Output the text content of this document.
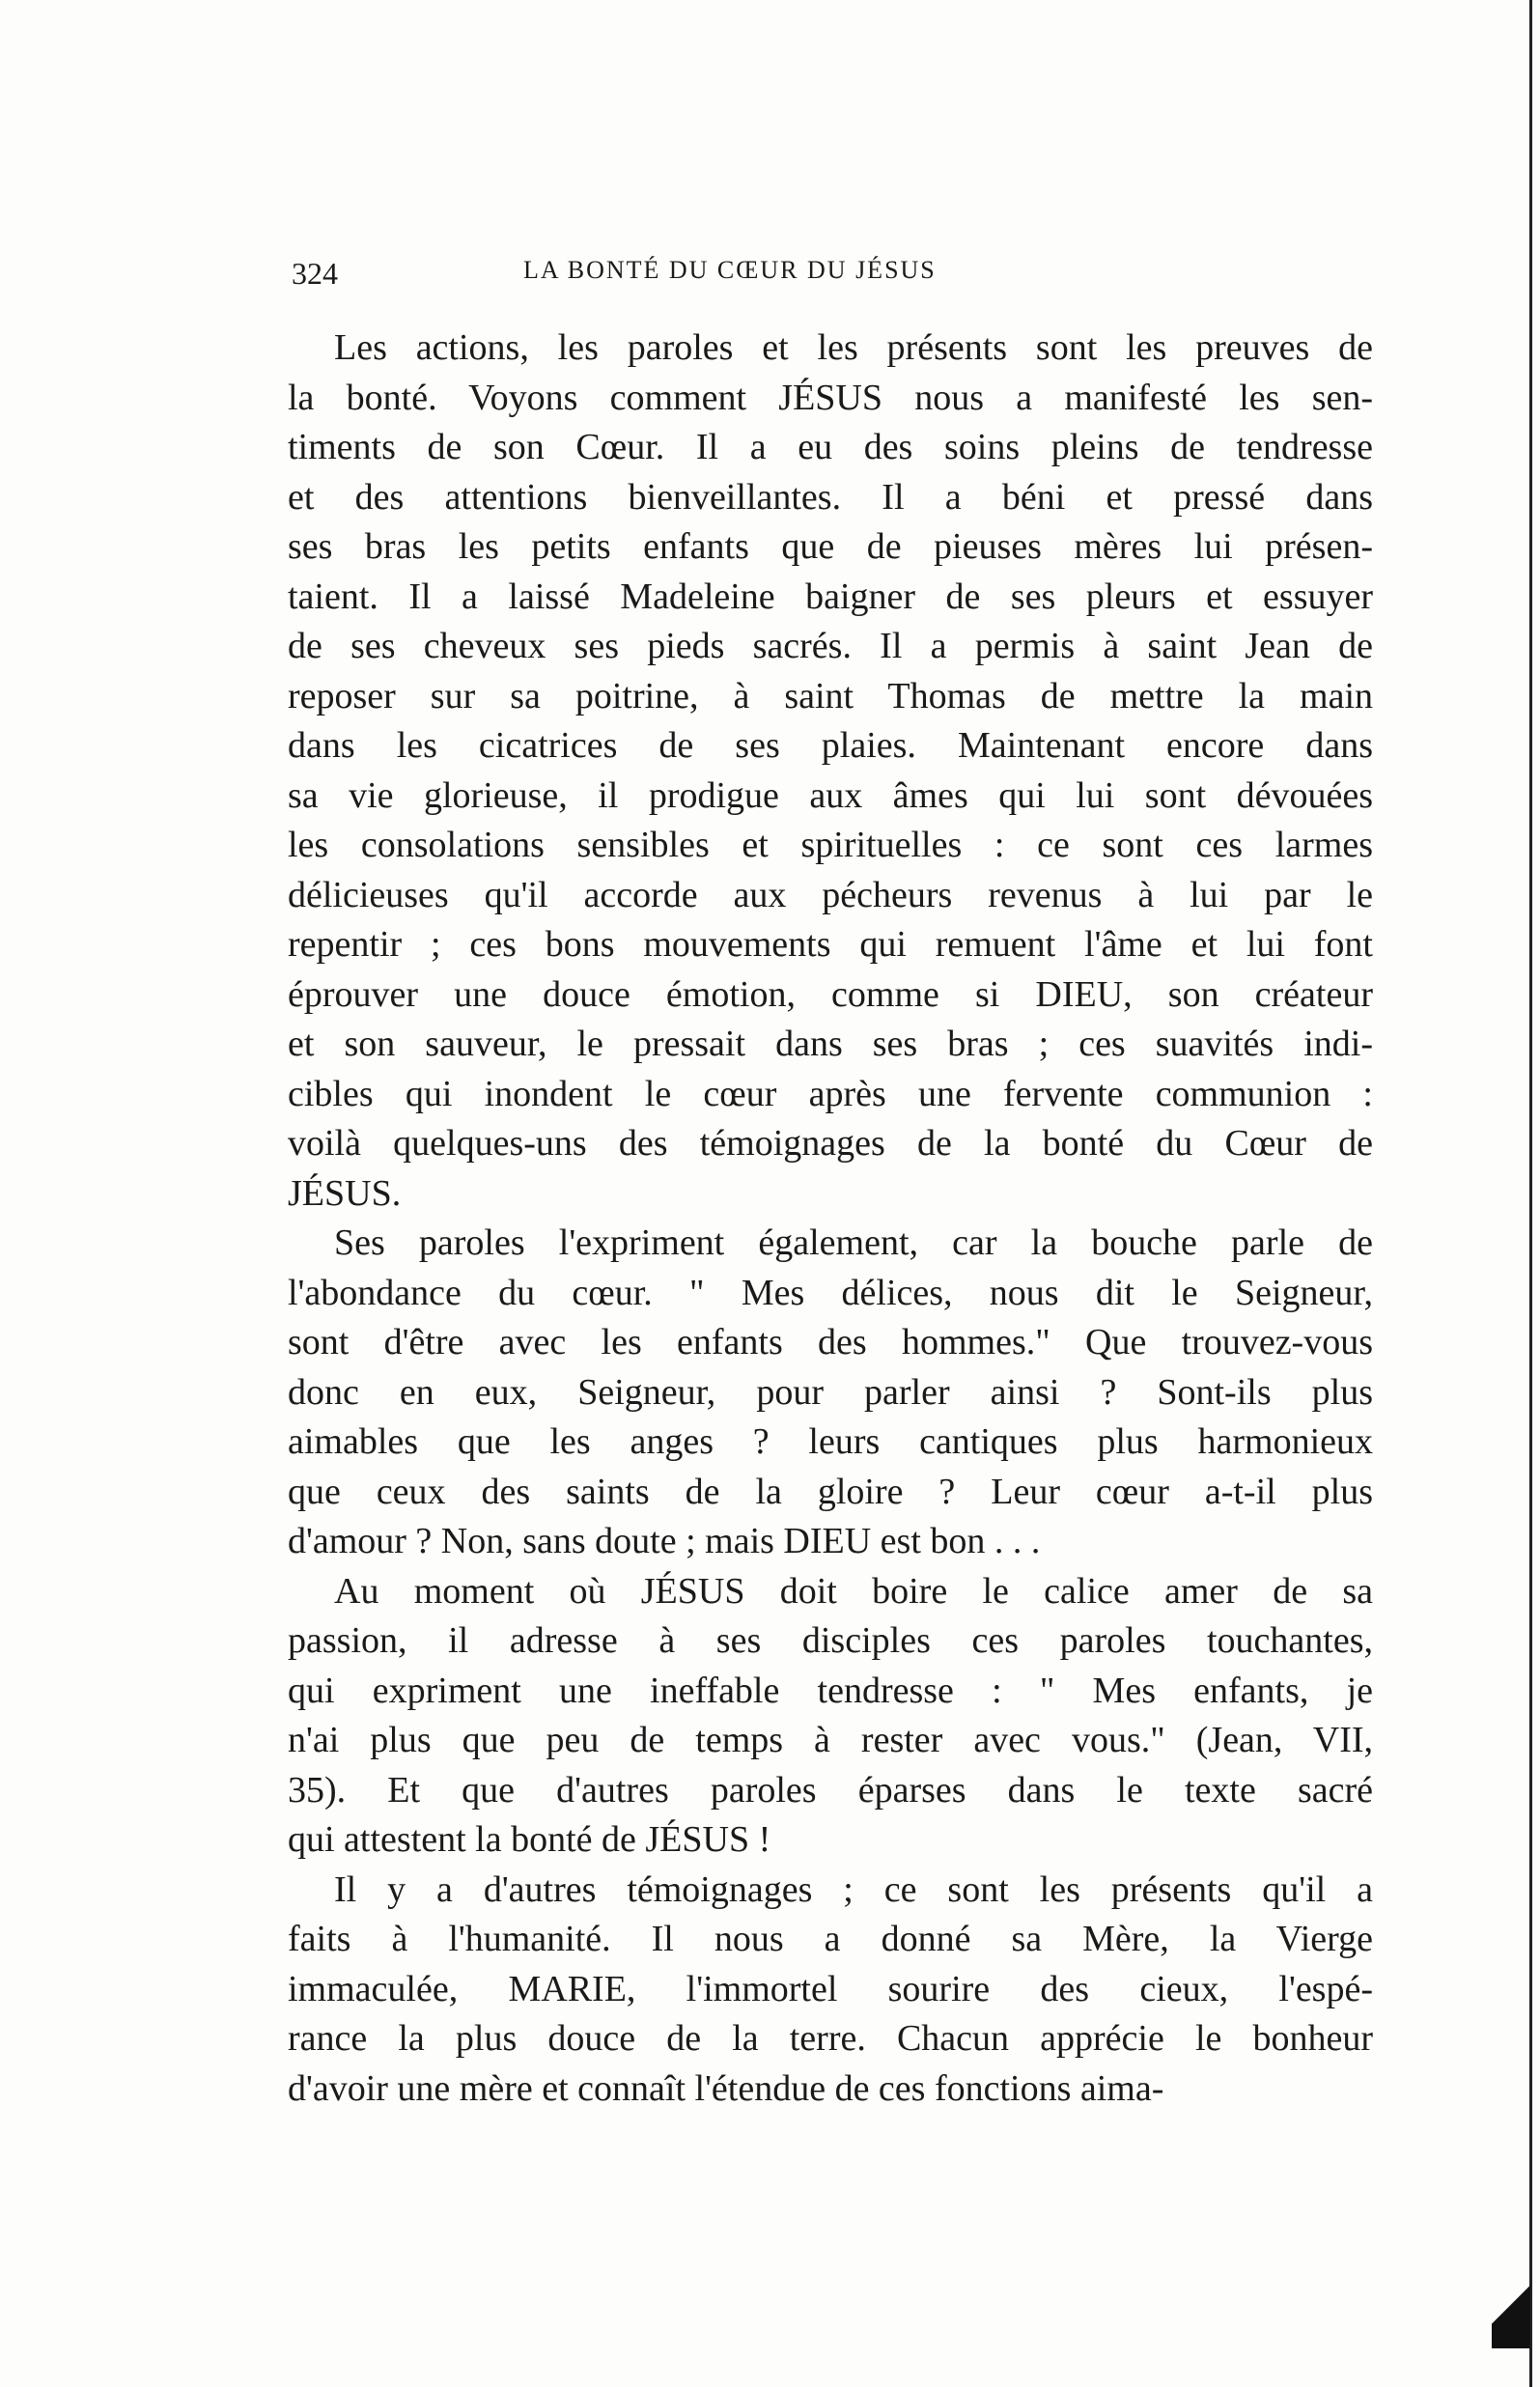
324	LA BONTÉ DU CŒUR DU JÉSUS
Les actions, les paroles et les présents sont les preuves de
la bonté. Voyons comment JÉSUS nous a manifesté les sen-
timents de son Cœur. Il a eu des soins pleins de tendresse
et des attentions bienveillantes. Il a béni et pressé dans
ses bras les petits enfants que de pieuses mères lui présen-
taient. Il a laissé Madeleine baigner de ses pleurs et essuyer
de ses cheveux ses pieds sacrés. Il a permis à saint Jean de
reposer sur sa poitrine, à saint Thomas de mettre la main
dans les cicatrices de ses plaies. Maintenant encore dans
sa vie glorieuse, il prodigue aux âmes qui lui sont dévouées
les consolations sensibles et spirituelles : ce sont ces larmes
délicieuses qu'il accorde aux pécheurs revenus à lui par le
repentir ; ces bons mouvements qui remuent l'âme et lui font
éprouver une douce émotion, comme si DIEU, son créateur
et son sauveur, le pressait dans ses bras ; ces suavités indi-
cibles qui inondent le cœur après une fervente communion :
voilà quelques-uns des témoignages de la bonté du Cœur de
JÉSUS.
Ses paroles l'expriment également, car la bouche parle de
l'abondance du cœur. " Mes délices, nous dit le Seigneur,
sont d'être avec les enfants des hommes." Que trouvez-vous
donc en eux, Seigneur, pour parler ainsi ? Sont-ils plus
aimables que les anges ? leurs cantiques plus harmonieux
que ceux des saints de la gloire ? Leur cœur a-t-il plus
d'amour ? Non, sans doute ; mais DIEU est bon . . .
Au moment où JÉSUS doit boire le calice amer de sa
passion, il adresse à ses disciples ces paroles touchantes,
qui expriment une ineffable tendresse : " Mes enfants, je
n'ai plus que peu de temps à rester avec vous." (Jean, VII,
35). Et que d'autres paroles éparses dans le texte sacré
qui attestent la bonté de JÉSUS !
Il y a d'autres témoignages ; ce sont les présents qu'il a
faits à l'humanité. Il nous a donné sa Mère, la Vierge
immaculée, MARIE, l'immortel sourire des cieux, l'espé-
rance la plus douce de la terre. Chacun apprécie le bonheur
d'avoir une mère et connaît l'étendue de ces fonctions aima-
